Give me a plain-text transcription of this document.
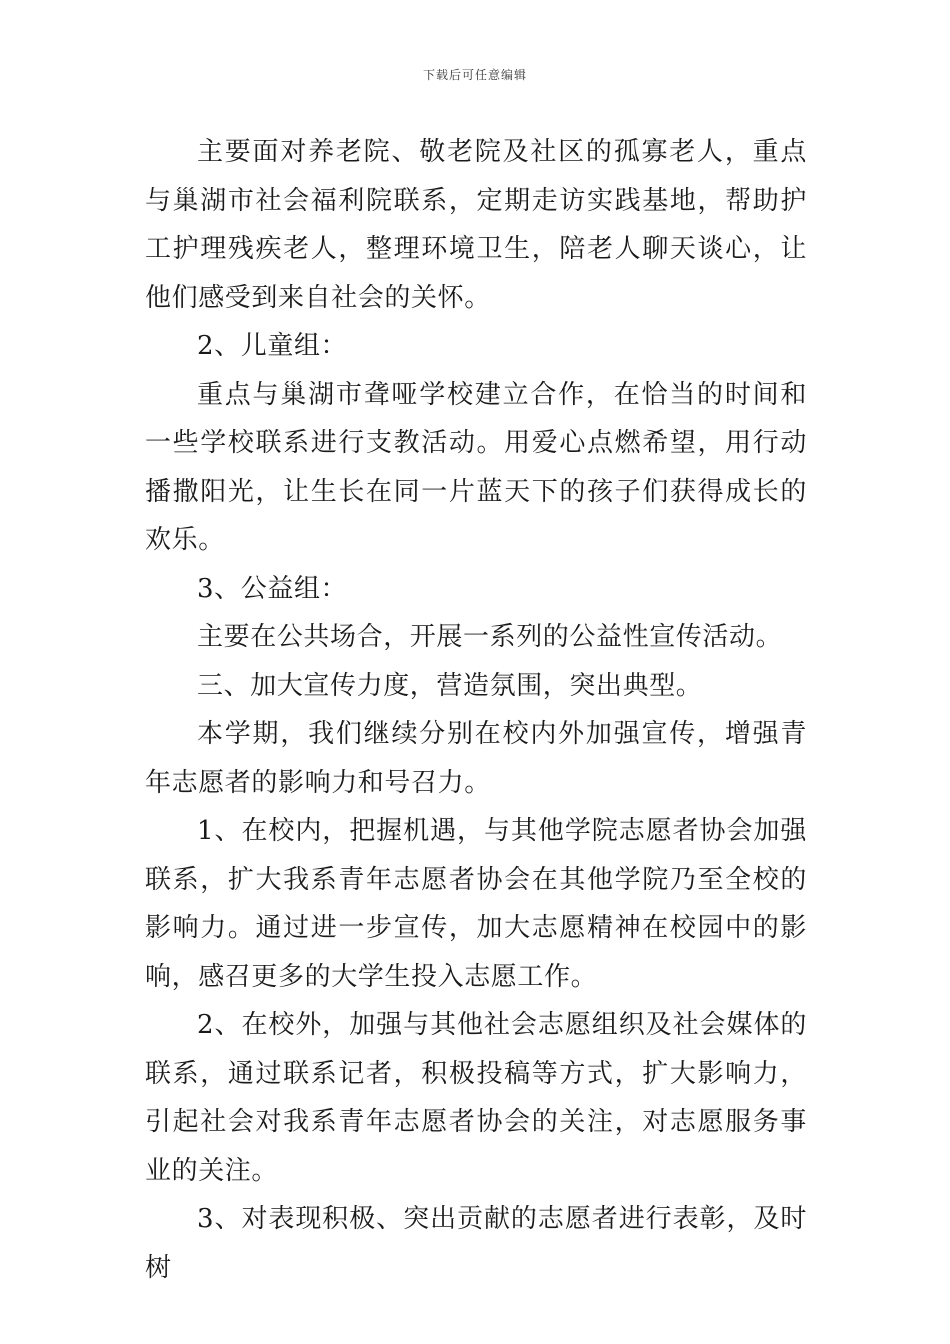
下载后可任意编辑

主要面对养老院、敬老院及社区的孤寡老人，重点与巢湖市社会福利院联系，定期走访实践基地，帮助护工护理残疾老人，整理环境卫生，陪老人聊天谈心，让他们感受到来自社会的关怀。

2、儿童组：

重点与巢湖市聋哑学校建立合作，在恰当的时间和一些学校联系进行支教活动。用爱心点燃希望，用行动播撒阳光，让生长在同一片蓝天下的孩子们获得成长的欢乐。

3、公益组：

主要在公共场合，开展一系列的公益性宣传活动。

三、加大宣传力度，营造氛围，突出典型。

本学期，我们继续分别在校内外加强宣传，增强青年志愿者的影响力和号召力。

1、在校内，把握机遇，与其他学院志愿者协会加强联系，扩大我系青年志愿者协会在其他学院乃至全校的影响力。通过进一步宣传，加大志愿精神在校园中的影响，感召更多的大学生投入志愿工作。

2、在校外，加强与其他社会志愿组织及社会媒体的联系，通过联系记者，积极投稿等方式，扩大影响力，引起社会对我系青年志愿者协会的关注，对志愿服务事业的关注。

3、对表现积极、突出贡献的志愿者进行表彰，及时树
